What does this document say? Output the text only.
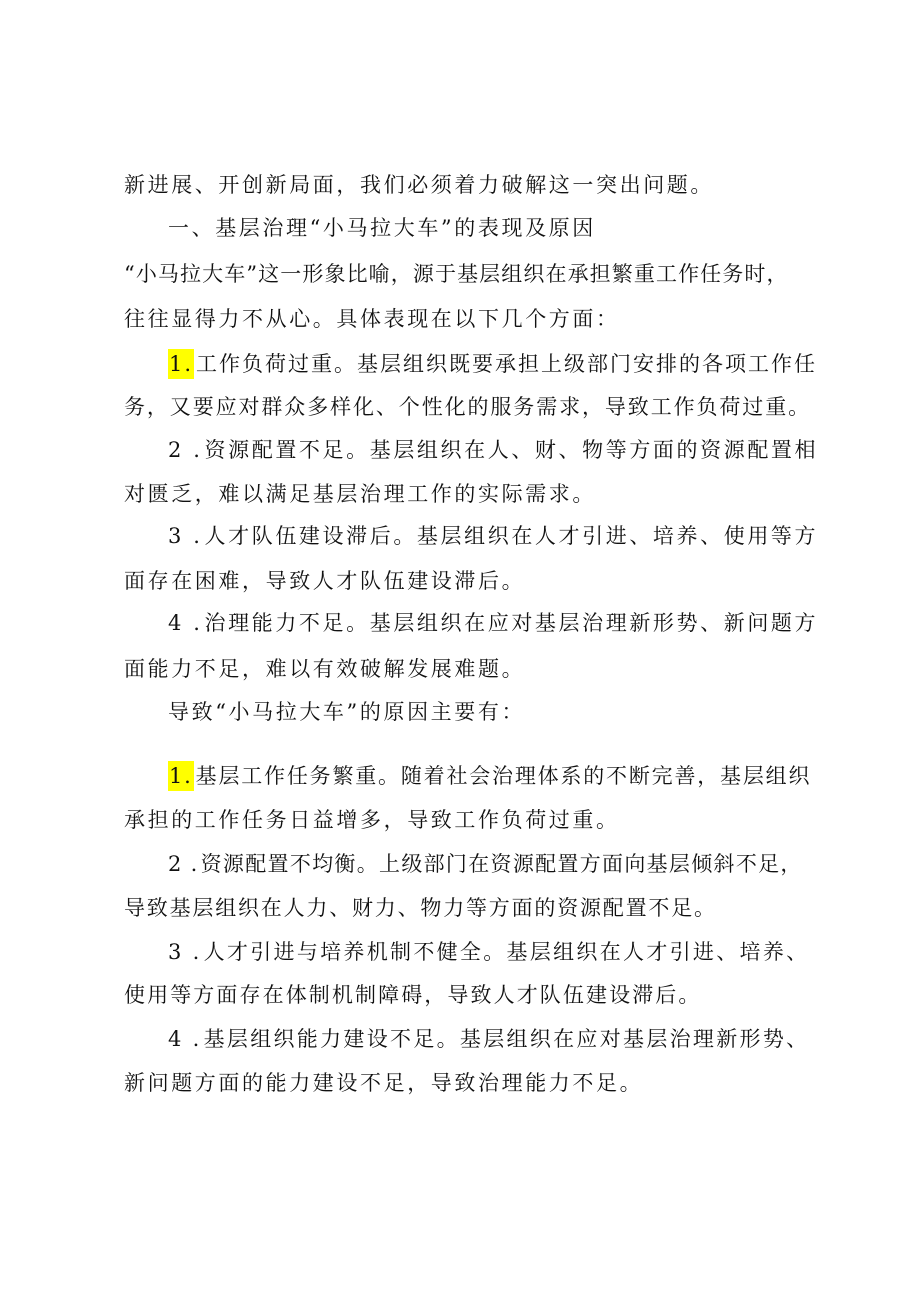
新进展、开创新局面，我们必须着力破解这一突出问题。
一、基层治理“小马拉大车”的表现及原因
“小马拉大车”这一形象比喻，源于基层组织在承担繁重工作任务时，
往往显得力不从心。具体表现在以下几个方面：
1. 工作负荷过重。基层组织既要承担上级部门安排的各项工作任
务，又要应对群众多样化、个性化的服务需求，导致工作负荷过重。
2 .资源配置不足。基层组织在人、财、物等方面的资源配置相
对匮乏，难以满足基层治理工作的实际需求。
3 .人才队伍建设滞后。基层组织在人才引进、培养、使用等方
面存在困难，导致人才队伍建设滞后。
4 .治理能力不足。基层组织在应对基层治理新形势、新问题方
面能力不足，难以有效破解发展难题。
导致“小马拉大车”的原因主要有：
1. 基层工作任务繁重。随着社会治理体系的不断完善，基层组织
承担的工作任务日益增多，导致工作负荷过重。
2 .资源配置不均衡。上级部门在资源配置方面向基层倾斜不足，
导致基层组织在人力、财力、物力等方面的资源配置不足。
3 .人才引进与培养机制不健全。基层组织在人才引进、培养、
使用等方面存在体制机制障碍，导致人才队伍建设滞后。
4 .基层组织能力建设不足。基层组织在应对基层治理新形势、
新问题方面的能力建设不足，导致治理能力不足。
